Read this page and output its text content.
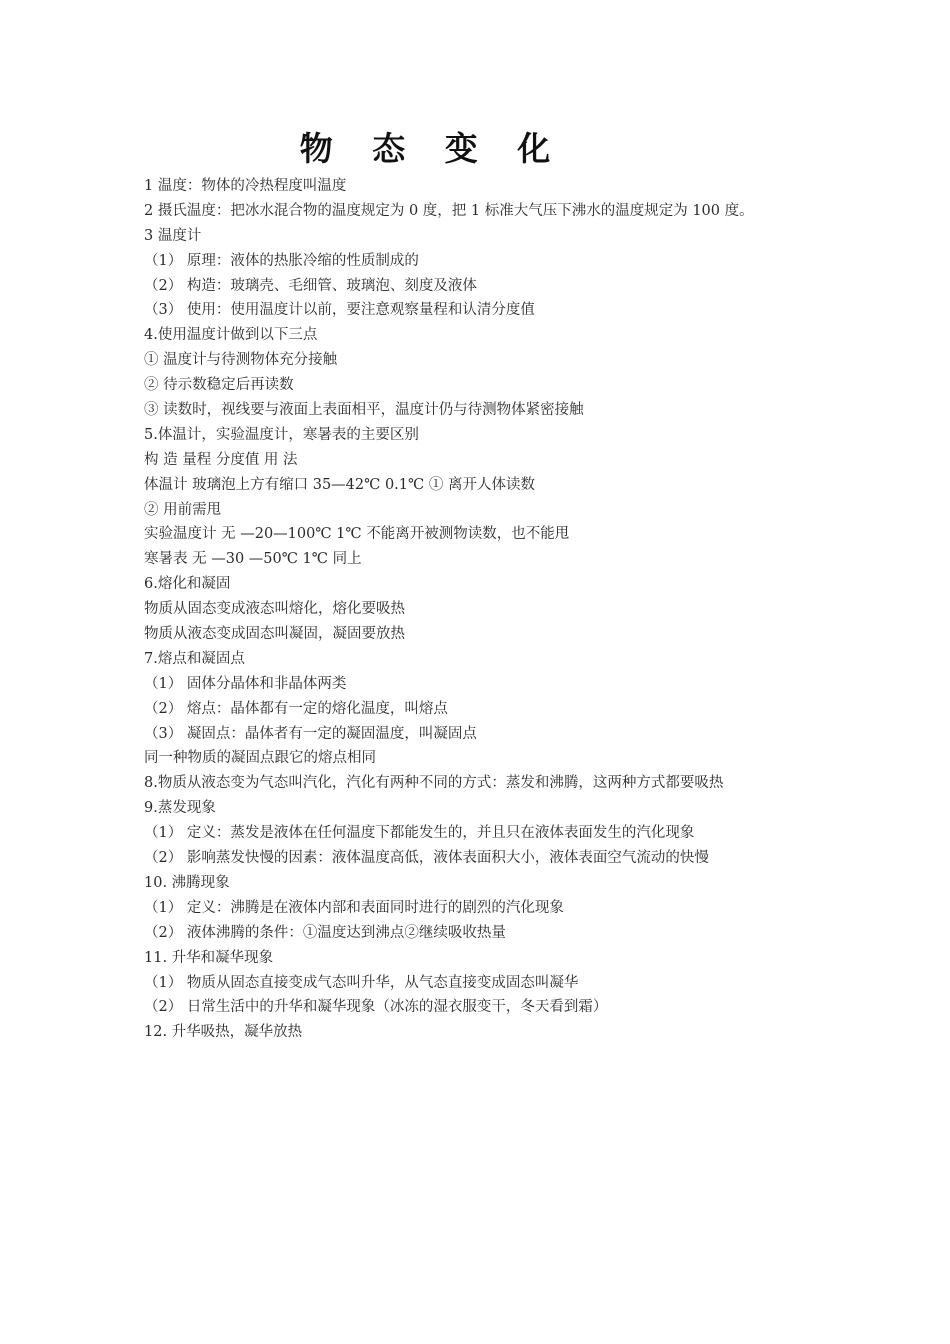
物 态 变 化
1 温度：物体的冷热程度叫温度
2 摄氏温度：把冰水混合物的温度规定为 0 度，把 1 标准大气压下沸水的温度规定为 100 度。
3 温度计
（1） 原理：液体的热胀冷缩的性质制成的
（2） 构造：玻璃壳、毛细管、玻璃泡、刻度及液体
（3） 使用：使用温度计以前，要注意观察量程和认清分度值
4.使用温度计做到以下三点
① 温度计与待测物体充分接触
② 待示数稳定后再读数
③ 读数时，视线要与液面上表面相平，温度计仍与待测物体紧密接触
5.体温计，实验温度计，寒暑表的主要区别
构 造 量程 分度值 用 法
体温计 玻璃泡上方有缩口 35—42℃ 0.1℃ ① 离开人体读数
② 用前需甩
实验温度计 无 —20—100℃ 1℃ 不能离开被测物读数，也不能甩
寒暑表 无 —30 —50℃ 1℃ 同上
6.熔化和凝固
物质从固态变成液态叫熔化，熔化要吸热
物质从液态变成固态叫凝固，凝固要放热
7.熔点和凝固点
（1） 固体分晶体和非晶体两类
（2） 熔点：晶体都有一定的熔化温度，叫熔点
（3） 凝固点：晶体者有一定的凝固温度，叫凝固点
同一种物质的凝固点跟它的熔点相同
8.物质从液态变为气态叫汽化，汽化有两种不同的方式：蒸发和沸腾，这两种方式都要吸热
9.蒸发现象
（1） 定义：蒸发是液体在任何温度下都能发生的，并且只在液体表面发生的汽化现象
（2） 影响蒸发快慢的因素：液体温度高低，液体表面积大小，液体表面空气流动的快慢
10. 沸腾现象
（1） 定义：沸腾是在液体内部和表面同时进行的剧烈的汽化现象
（2） 液体沸腾的条件：①温度达到沸点②继续吸收热量
11. 升华和凝华现象
（1） 物质从固态直接变成气态叫升华，从气态直接变成固态叫凝华
（2） 日常生活中的升华和凝华现象（冰冻的湿衣服变干，冬天看到霜）
12. 升华吸热，凝华放热
